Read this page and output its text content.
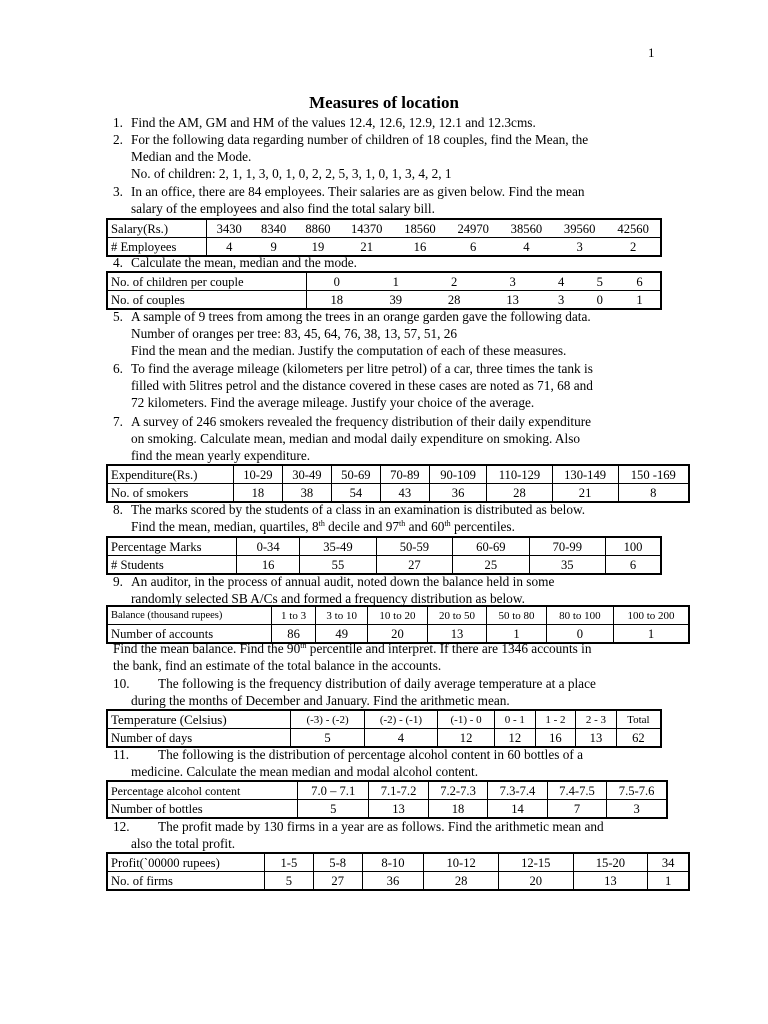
1
Measures of location
1. Find the AM, GM and HM of the values 12.4, 12.6, 12.9, 12.1 and 12.3cms.
2. For the following data regarding number of children of 18 couples, find the Mean, the
Median and the Mode.
No. of children: 2, 1, 1, 3, 0, 1, 0, 2, 2, 5, 3, 1, 0, 1, 3, 4, 2, 1
3. In an office, there are 84 employees. Their salaries are as given below. Find the mean
salary of the employees and also find the total salary bill.
Salary(Rs.)	3430	8340	8860	14370	18560	24970	38560	39560	42560
# Employees	4	9	19	21	16	6	4	3	2
4. Calculate the mean, median and the mode.
No. of children per couple	0	1	2	3	4	5	6
No. of couples	18	39	28	13	3	0	1
5. A sample of 9 trees from among the trees in an orange garden gave the following data.
Number of oranges per tree: 83, 45, 64, 76, 38, 13, 57, 51, 26
Find the mean and the median. Justify the computation of each of these measures.
6. To find the average mileage (kilometers per litre petrol) of a car, three times the tank is
filled with 5litres petrol and the distance covered in these cases are noted as 71, 68 and
72 kilometers. Find the average mileage. Justify your choice of the average.
7. A survey of 246 smokers revealed the frequency distribution of their daily expenditure
on smoking. Calculate mean, median and modal daily expenditure on smoking. Also
find the mean yearly expenditure.
Expenditure(Rs.)	10-29	30-49	50-69	70-89	90-109	110-129	130-149	150 -169
No. of smokers	18	38	54	43	36	28	21	8
8. The marks scored by the students of a class in an examination is distributed as below.
Find the mean, median, quartiles, 8th decile and 97th and 60th percentiles.
Percentage Marks	0-34	35-49	50-59	60-69	70-99	100
# Students	16	55	27	25	35	6
9. An auditor, in the process of annual audit, noted down the balance held in some
randomly selected SB A/Cs and formed a frequency distribution as below.
Balance (thousand rupees)	1 to 3	3 to 10	10 to 20	20 to 50	50 to 80	80 to 100	100 to 200
Number of accounts	86	49	20	13	1	0	1
Find the mean balance. Find the 90th percentile and interpret. If there are 1346 accounts in
the bank, find an estimate of the total balance in the accounts.
10. The following is the frequency distribution of daily average temperature at a place
during the months of December and January. Find the arithmetic mean.
Temperature (Celsius)	(-3) - (-2)	(-2) - (-1)	(-1) - 0	0 - 1	1 - 2	2 - 3	Total
Number of days	5	4	12	12	16	13	62
11. The following is the distribution of percentage alcohol content in 60 bottles of a
medicine. Calculate the mean median and modal alcohol content.
Percentage alcohol content	7.0 – 7.1	7.1-7.2	7.2-7.3	7.3-7.4	7.4-7.5	7.5-7.6
Number of bottles	5	13	18	14	7	3
12. The profit made by 130 firms in a year are as follows. Find the arithmetic mean and
also the total profit.
Profit(`00000 rupees)	1-5	5-8	8-10	10-12	12-15	15-20	34
No. of firms	5	27	36	28	20	13	1
